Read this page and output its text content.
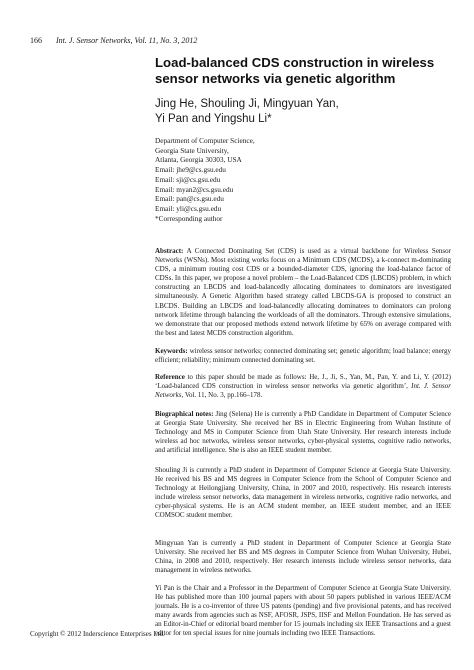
166 Int. J. Sensor Networks, Vol. 11, No. 3, 2012
Load-balanced CDS construction in wireless sensor networks via genetic algorithm
Jing He, Shouling Ji, Mingyuan Yan,
Yi Pan and Yingshu Li*
Department of Computer Science,
Georgia State University,
Atlanta, Georgia 30303, USA
Email: jhe9@cs.gsu.edu
Email: sji@cs.gsu.edu
Email: myan2@cs.gsu.edu
Email: pan@cs.gsu.edu
Email: yli@cs.gsu.edu
*Corresponding author
Abstract: A Connected Dominating Set (CDS) is used as a virtual backbone for Wireless Sensor Networks (WSNs). Most existing works focus on a Minimum CDS (MCDS), a k-connect m-dominating CDS, a minimum routing cost CDS or a bounded-diameter CDS, ignoring the load-balance factor of CDSs. In this paper, we propose a novel problem – the Load-Balanced CDS (LBCDS) problem, in which constructing an LBCDS and load-balancedly allocating dominatees to dominators are investigated simultaneously. A Genetic Algorithm based strategy called LBCDS-GA is proposed to construct an LBCDS. Building an LBCDS and load-balancedly allocating dominatees to dominators can prolong network lifetime through balancing the workloads of all the dominators. Through extensive simulations, we demonstrate that our proposed methods extend network lifetime by 65% on average compared with the best and latest MCDS construction algorithm.
Keywords: wireless sensor networks; connected dominating set; genetic algorithm; load balance; energy efficient; reliability; minimum connected dominating set.
Reference to this paper should be made as follows: He, J., Ji, S., Yan, M., Pan, Y. and Li, Y. (2012) ‘Load-balanced CDS construction in wireless sensor networks via genetic algorithm’, Int. J. Sensor Networks, Vol. 11, No. 3, pp.166–178.
Biographical notes: Jing (Selena) He is currently a PhD Candidate in Department of Computer Science at Georgia State University. She received her BS in Electric Engineering from Wuhan Institute of Technology and MS in Computer Science from Utah State University. Her research interests include wireless ad hoc networks, wireless sensor networks, cyber-physical systems, cognitive radio networks, and artificial intelligence. She is also an IEEE student member.
Shouling Ji is currently a PhD student in Department of Computer Science at Georgia State University. He received his BS and MS degrees in Computer Science from the School of Computer Science and Technology at Heilongjiang University, China, in 2007 and 2010, respectively. His research interests include wireless sensor networks, data management in wireless networks, cognitive radio networks, and cyber-physical systems. He is an ACM student member, an IEEE student member, and an IEEE COMSOC student member.
Mingyuan Yan is currently a PhD student in Department of Computer Science at Georgia State University. She received her BS and MS degrees in Computer Science from Wuhan University, Hubei, China, in 2008 and 2010, respectively. Her research interests include wireless sensor networks, data management in wireless networks.
Yi Pan is the Chair and a Professor in the Department of Computer Science at Georgia State University. He has published more than 100 journal papers with about 50 papers published in various IEEE/ACM journals. He is a co-inventor of three US patents (pending) and five provisional patents, and has received many awards from agencies such as NSF, AFOSR, JSPS, IISF and Mellon Foundation. He has served as an Editor-in-Chief or editorial board member for 15 journals including six IEEE Transactions and a guest editor for ten special issues for nine journals including two IEEE Transactions.
Copyright © 2012 Inderscience Enterprises Ltd.
